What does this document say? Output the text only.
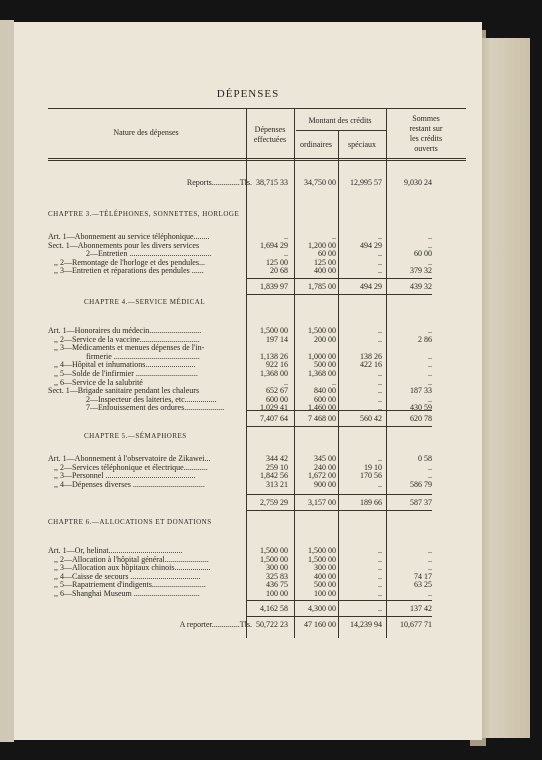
DÉPENSES
Nature des dépenses	Dépenses
effectuées
Montant des crédits
ordinaires	spéciaux
Sommes
restant sur
les crédits
ouverts
Reports..............Tls. 38,715 33	34,750 00	12,995 57	9,030 24
CHAPTRE 3.—TÉLÉPHONES, SONNETTES, HORLOGE
Art. 1—Abonnement au service téléphonique........	..	..	..	..
Sect. 1—Abonnements pour les divers services	1,694 29	1,200 00	494 29	..
2—Entretien .........................................	..	60 00	..	60 00
,, 2—Remontage de l'horloge et des pendules...	125 00	125 00	..	..
,, 3—Entretien et réparations des pendules ......	20 68	400 00	..	379 32
1,839 97	1,785 00	494 29	439 32
CHAPTRE 4.—SERVICE MÉDICAL
Art. 1—Honoraires du médecin..........................	1,500 00	1,500 00	..	..
,, 2—Service de la vaccine..............................	197 14	200 00	..	2 86
,, 3—Médicaments et menues dépenses de l'in-
firmerie ...........................................	1,138 26	1,000 00	138 26	..
,, 4—Hôpital et inhumations.........................	922 16	500 00	422 16	..
,, 5—Solde de l'infirmier ...............................	1,368 00	1,368 00	..	..
,, 6—Service de la salubrité	..	..	..	..
Sect. 1—Brigade sanitaire pendant les chaleurs	652 67	840 00	..	187 33
2—Inspecteur des laiteries, etc................	600 00	600 00	..	..
7—Enfouissement des ordures....................	1,029 41	1,460 00	..	430 59
7,407 64	7 468 00	560 42	620 78
CHAPTRE 5.—SÉMAPHORES
Art. 1—Abonnement à l'observatoire de Zikawei...	344 42	345 00	..	0 58
,, 2—Services téléphonique et électrique............	259 10	240 00	19 10	..
,, 3—Personnel .............................................	1,842 56	1,672 00	170 56	..
,, 4—Dépenses diverses ....................................	313 21	900 00	..	586 79
2,759 29	3,157 00	189 66	587 37
CHAPTRE 6.—ALLOCATIONS ET DONATIONS
Art. 1—Or, helinat.....................................	1,500 00	1,500 00	..	..
,, 2—Allocation à l'hôpital général......................	1,500 00	1,500 00	..	..
,, 3—Allocation aux hôpitaux chinois..................	300 00	300 00	..	..
,, 4—Caisse de secours ...................................	325 83	400 00	..	74 17
,, 5—Rapatriement d'indigents...........................	436 75	500 00	..	63 25
,, 6—Shanghai Museum .................................	100 00	100 00	..	..
4,162 58	4,300 00	..	137 42
A reporter..............Tls. 50,722 23	47 160 00	14,239 94	10,677 71
